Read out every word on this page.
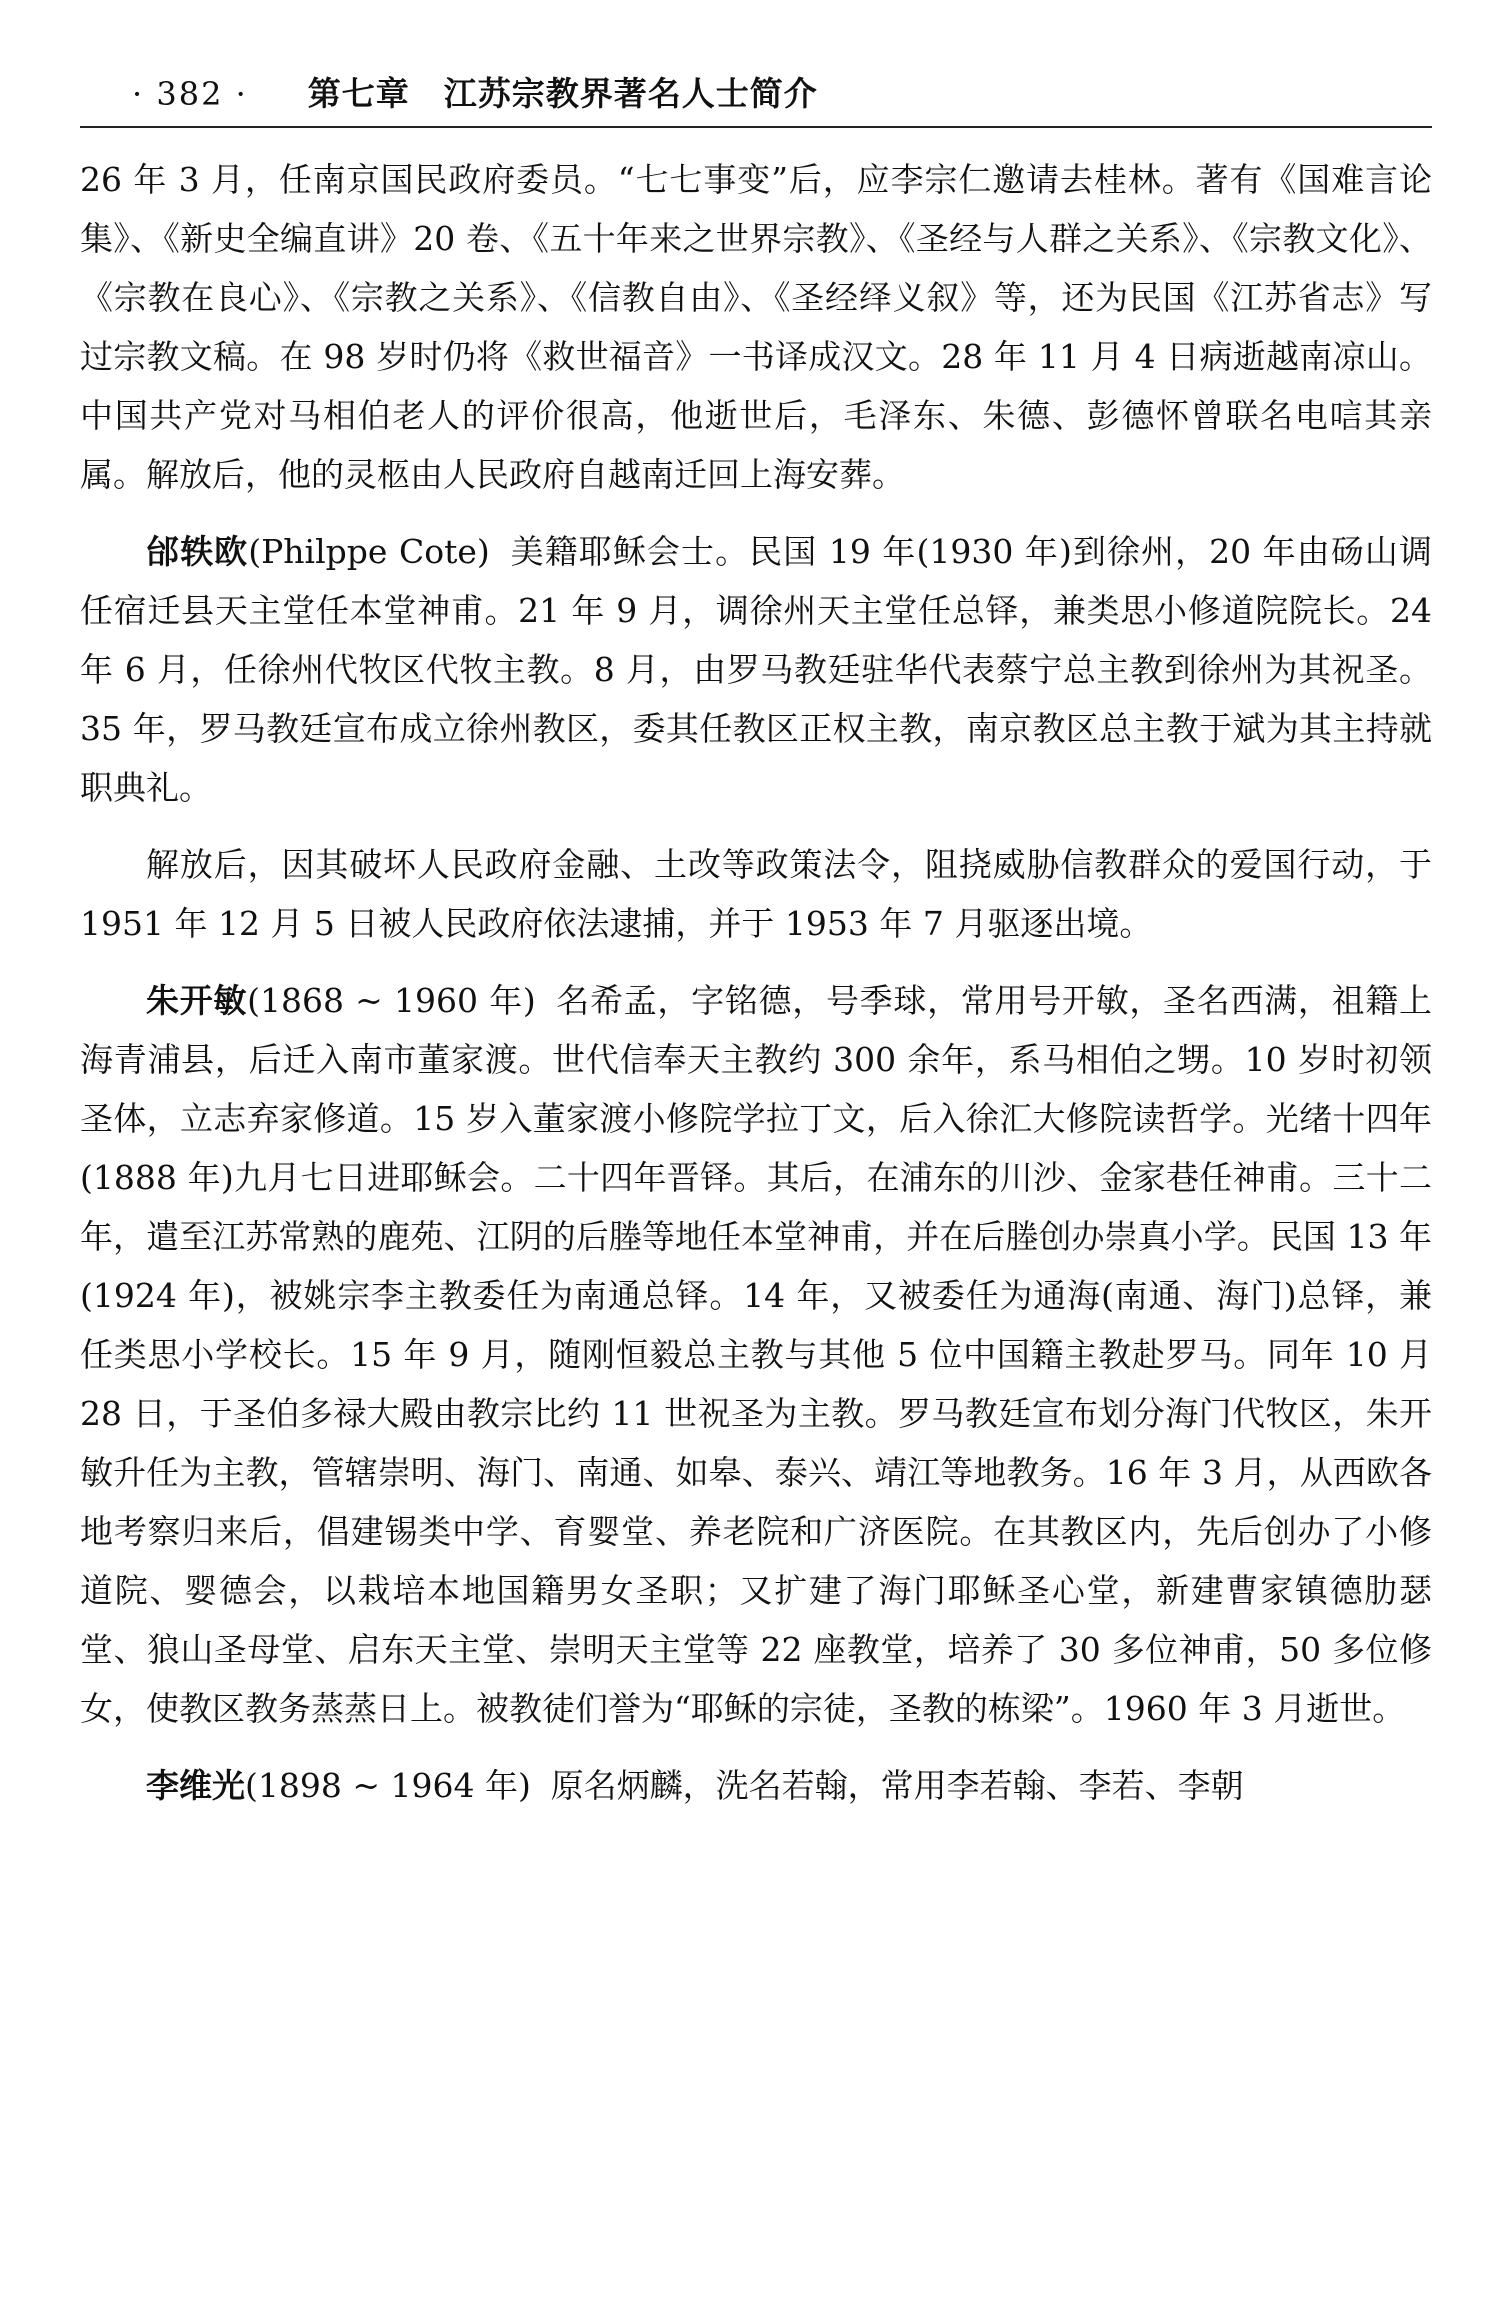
· 382 · 第七章　江苏宗教界著名人士简介

26 年 3 月，任南京国民政府委员。“七七事变”后，应李宗仁邀请去桂林。著有《国难言论集》、《新史全编直讲》20 卷、《五十年来之世界宗教》、《圣经与人群之关系》、《宗教文化》、《宗教在良心》、《宗教之关系》、《信教自由》、《圣经绎义叙》等，还为民国《江苏省志》写过宗教文稿。在 98 岁时仍将《救世福音》一书译成汉文。28 年 11 月 4 日病逝越南凉山。中国共产党对马相伯老人的评价很高，他逝世后，毛泽东、朱德、彭德怀曾联名电唁其亲属。解放后，他的灵柩由人民政府自越南迁回上海安葬。

邰轶欧(Philppe Cote) 美籍耶稣会士。民国 19 年(1930 年)到徐州，20 年由砀山调任宿迁县天主堂任本堂神甫。21 年 9 月，调徐州天主堂任总铎，兼类思小修道院院长。24 年 6 月，任徐州代牧区代牧主教。8 月，由罗马教廷驻华代表蔡宁总主教到徐州为其祝圣。35 年，罗马教廷宣布成立徐州教区，委其任教区正权主教，南京教区总主教于斌为其主持就职典礼。

解放后，因其破坏人民政府金融、土改等政策法令，阻挠威胁信教群众的爱国行动，于 1951 年 12 月 5 日被人民政府依法逮捕，并于 1953 年 7 月驱逐出境。

朱开敏(1868 ~ 1960 年) 名希孟，字铭德，号季球，常用号开敏，圣名西满，祖籍上海青浦县，后迁入南市董家渡。世代信奉天主教约 300 余年，系马相伯之甥。10 岁时初领圣体，立志弃家修道。15 岁入董家渡小修院学拉丁文，后入徐汇大修院读哲学。光绪十四年(1888 年)九月七日进耶稣会。二十四年晋铎。其后，在浦东的川沙、金家巷任神甫。三十二年，遣至江苏常熟的鹿苑、江阴的后塍等地任本堂神甫，并在后塍创办崇真小学。民国 13 年(1924 年)，被姚宗李主教委任为南通总铎。14 年，又被委任为通海(南通、海门)总铎，兼任类思小学校长。15 年 9 月，随刚恒毅总主教与其他 5 位中国籍主教赴罗马。同年 10 月 28 日，于圣伯多禄大殿由教宗比约 11 世祝圣为主教。罗马教廷宣布划分海门代牧区，朱开敏升任为主教，管辖崇明、海门、南通、如皋、泰兴、靖江等地教务。16 年 3 月，从西欧各地考察归来后，倡建锡类中学、育婴堂、养老院和广济医院。在其教区内，先后创办了小修道院、婴德会，以栽培本地国籍男女圣职；又扩建了海门耶稣圣心堂，新建曹家镇德肋瑟堂、狼山圣母堂、启东天主堂、崇明天主堂等 22 座教堂，培养了 30 多位神甫，50 多位修女，使教区教务蒸蒸日上。被教徒们誉为“耶稣的宗徒，圣教的栋梁”。1960 年 3 月逝世。

李维光(1898 ~ 1964 年) 原名炳麟，洗名若翰，常用李若翰、李若、李朝
